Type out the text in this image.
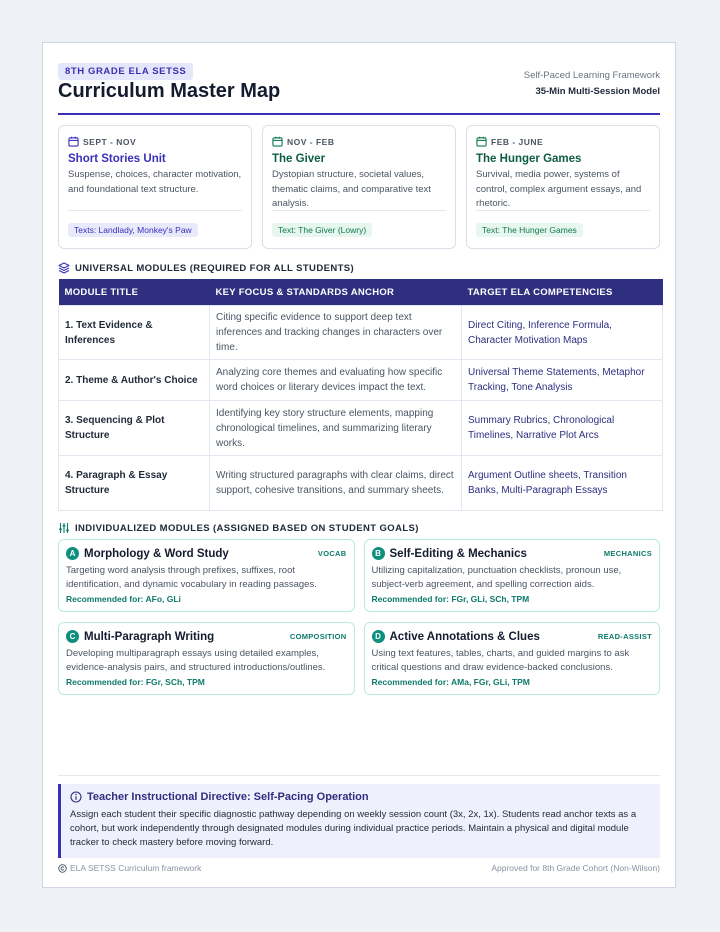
8TH GRADE ELA SETSS
Curriculum Master Map
Self-Paced Learning Framework
35-Min Multi-Session Model
SEPT - NOV
Short Stories Unit
Suspense, choices, character motivation, and foundational text structure.
Texts: Landlady, Monkey's Paw
NOV - FEB
The Giver
Dystopian structure, societal values, thematic claims, and comparative text analysis.
Text: The Giver (Lowry)
FEB - JUNE
The Hunger Games
Survival, media power, systems of control, complex argument essays, and rhetoric.
Text: The Hunger Games
UNIVERSAL MODULES (REQUIRED FOR ALL STUDENTS)
MODULE TITLE	KEY FOCUS & STANDARDS ANCHOR	TARGET ELA COMPETENCIES
1. Text Evidence & Inferences	Citing specific evidence to support deep text inferences and tracking changes in characters over time.	Direct Citing, Inference Formula, Character Motivation Maps
2. Theme & Author's Choice	Analyzing core themes and evaluating how specific word choices or literary devices impact the text.	Universal Theme Statements, Metaphor Tracking, Tone Analysis
3. Sequencing & Plot Structure	Identifying key story structure elements, mapping chronological timelines, and summarizing literary works.	Summary Rubrics, Chronological Timelines, Narrative Plot Arcs
4. Paragraph & Essay Structure	Writing structured paragraphs with clear claims, direct support, cohesive transitions, and summary sheets.	Argument Outline sheets, Transition Banks, Multi-Paragraph Essays
INDIVIDUALIZED MODULES (ASSIGNED BASED ON STUDENT GOALS)
A Morphology & Word Study	VOCAB
Targeting word analysis through prefixes, suffixes, root identification, and dynamic vocabulary in reading passages.
Recommended for: AFo, GLi
B Self-Editing & Mechanics	MECHANICS
Utilizing capitalization, punctuation checklists, pronoun use, subject-verb agreement, and spelling correction aids.
Recommended for: FGr, GLi, SCh, TPM
C Multi-Paragraph Writing	COMPOSITION
Developing multiparagraph essays using detailed examples, evidence-analysis pairs, and structured introductions/outlines.
Recommended for: FGr, SCh, TPM
D Active Annotations & Clues	READ-ASSIST
Using text features, tables, charts, and guided margins to ask critical questions and draw evidence-backed conclusions.
Recommended for: AMa, FGr, GLi, TPM
Teacher Instructional Directive: Self-Pacing Operation
Assign each student their specific diagnostic pathway depending on weekly session count (3x, 2x, 1x). Students read anchor texts as a cohort, but work independently through designated modules during individual practice periods. Maintain a physical and digital module tracker to check mastery before moving forward.
ELA SETSS Curriculum framework	Approved for 8th Grade Cohort (Non-Wilson)
